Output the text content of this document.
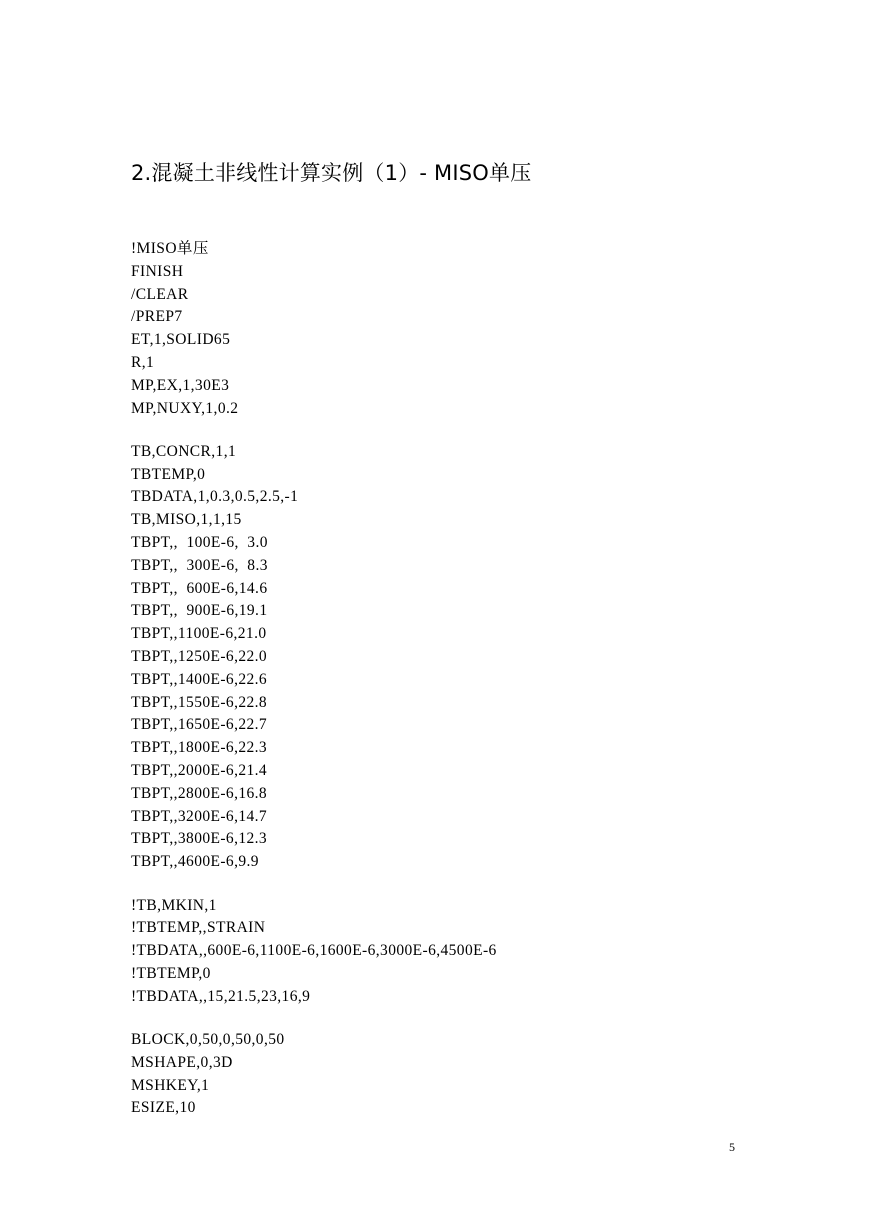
2.混凝土非线性计算实例（1）- MISO单压
!MISO单压
FINISH
/CLEAR
/PREP7
ET,1,SOLID65
R,1
MP,EX,1,30E3
MP,NUXY,1,0.2
TB,CONCR,1,1
TBTEMP,0
TBDATA,1,0.3,0.5,2.5,-1
TB,MISO,1,1,15
TBPT,,  100E-6,  3.0
TBPT,,  300E-6,  8.3
TBPT,,  600E-6,14.6
TBPT,,  900E-6,19.1
TBPT,,1100E-6,21.0
TBPT,,1250E-6,22.0
TBPT,,1400E-6,22.6
TBPT,,1550E-6,22.8
TBPT,,1650E-6,22.7
TBPT,,1800E-6,22.3
TBPT,,2000E-6,21.4
TBPT,,2800E-6,16.8
TBPT,,3200E-6,14.7
TBPT,,3800E-6,12.3
TBPT,,4600E-6,9.9
!TB,MKIN,1
!TBTEMP,,STRAIN
!TBDATA,,600E-6,1100E-6,1600E-6,3000E-6,4500E-6
!TBTEMP,0
!TBDATA,,15,21.5,23,16,9
BLOCK,0,50,0,50,0,50
MSHAPE,0,3D
MSHKEY,1
ESIZE,10
5
